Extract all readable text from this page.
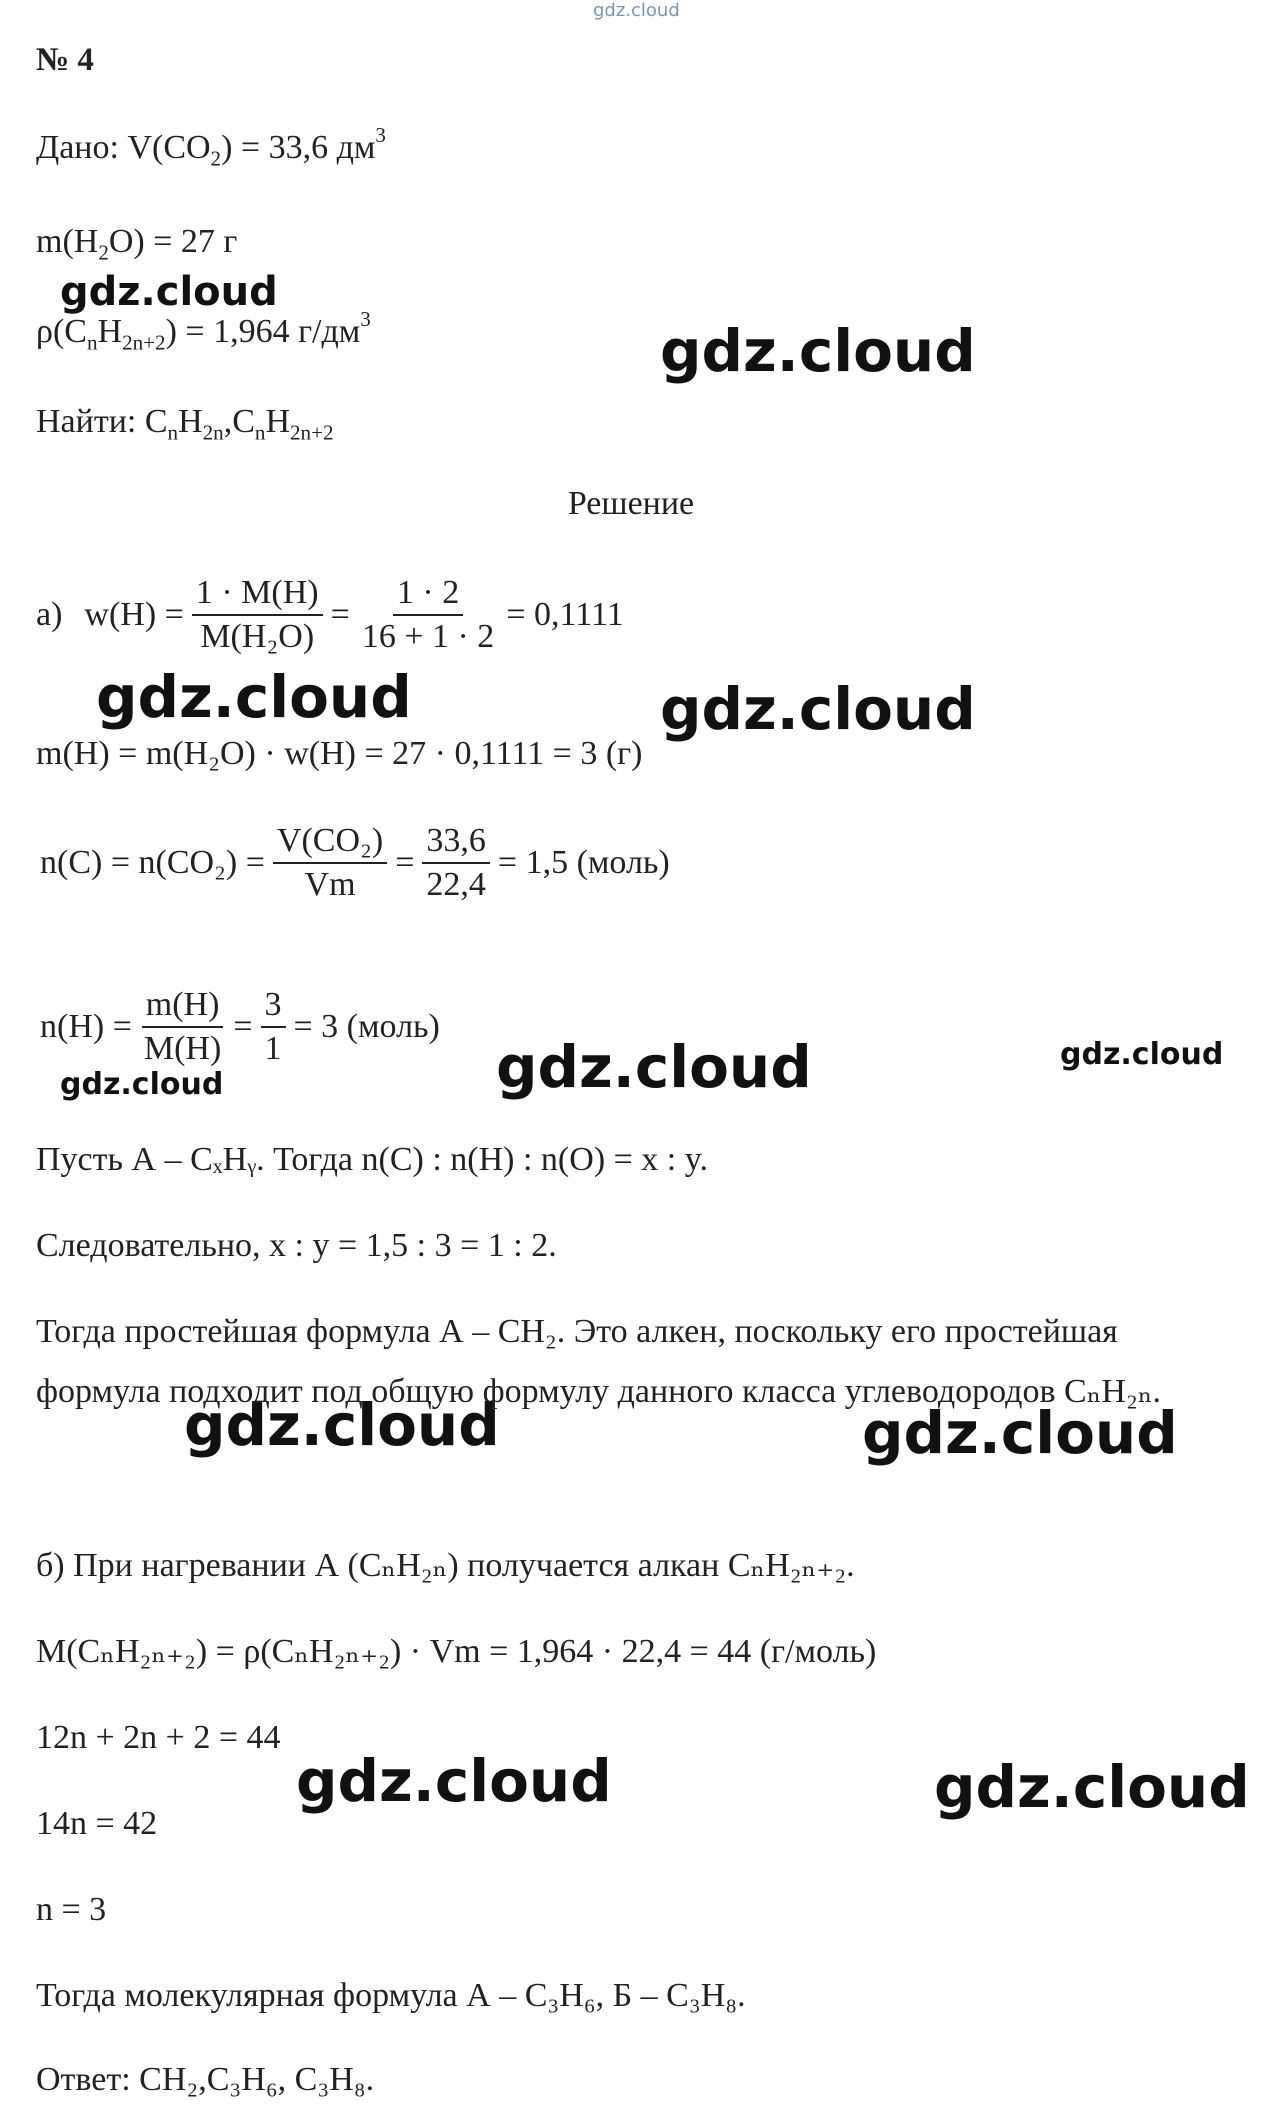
gdz.cloud
gdz.cloud
gdz.cloud
gdz.cloud	gdz.cloud
gdz.cloud	gdz.cloud	gdz.cloud
gdz.cloud	gdz.cloud
gdz.cloud	gdz.cloud
№ 4
Дано: $V(CO_2) = 33,6$ $дм^3$
$m(H_2O) = 27$ г
$\rho(C_nH_{2n+2}) = 1,964$ $г/дм^3$
Найти: $C_nH_{2n},C_nH_{2n+2}$
Решение
а) $w(H) = \frac{1 \cdot M(H)}{\text{M(H₂O)}} = \frac{1 \cdot 2}{16 + 1 \cdot 2} = 0,1111$
m(H) = m(H₂O) · w(H) = 27 · 0,1111 = 3 (г)
$n(C) = n(CO_2) = \frac{\text{V(CO₂)}}{Vm} = \frac{33,6}{22,4} = 1,5$ (моль)
$n(H) = \frac{m(H)}{M(H)} = \frac{3}{1} = 3$ (моль)
Пусть А – CₓHᵧ. Тогда n(C) : n(H) : n(O) = x : y.
Следовательно, x : y = 1,5 : 3 = 1 : 2.
Тогда простейшая формула А – CH₂. Это алкен, поскольку его простейшая
формула подходит под общую формулу данного класса углеводородов CₙH₂ₙ.
б) При нагревании А (CₙH₂ₙ) получается алкан CₙH₂ₙ₊₂.
M(CₙH₂ₙ₊₂) = ρ(CₙH₂ₙ₊₂) · Vm = 1,964 · 22,4 = 44 (г/моль)
12n + 2n + 2 = 44
14n = 42
n = 3
Тогда молекулярная формула А – C₃H₆, Б – C₃H₈.
Ответ: CH₂,C₃H₆, C₃H₈.
